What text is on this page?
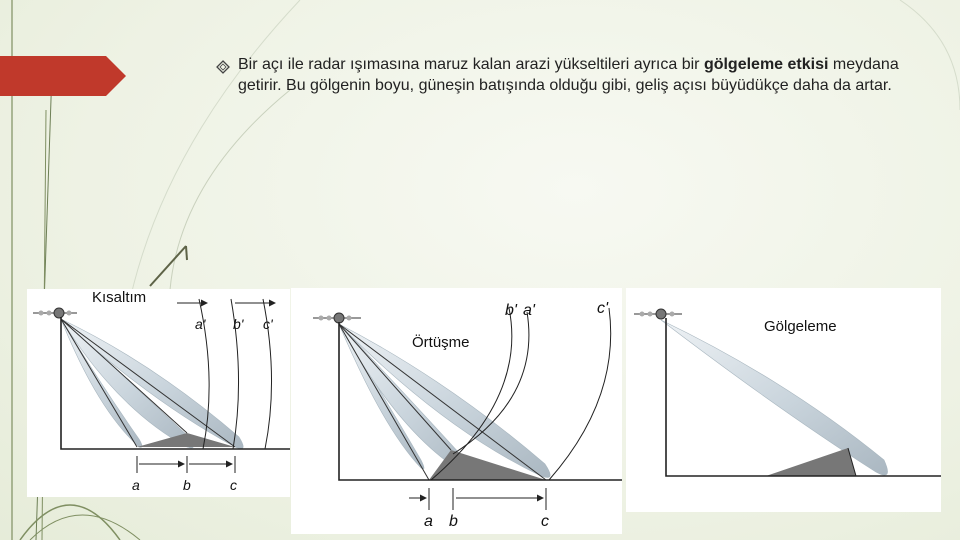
Bir açı ile radar ışımasına maruz kalan arazi yükseltileri ayrıca bir gölgeleme etkisi meydana getirir. Bu gölgenin boyu, güneşin batışında olduğu gibi, geliş açısı büyüdükçe daha da artar.
a' b' c'
a	b	c
Kısaltım
b' a'	c'
a b	c
Örtüşme
Gölgeleme
